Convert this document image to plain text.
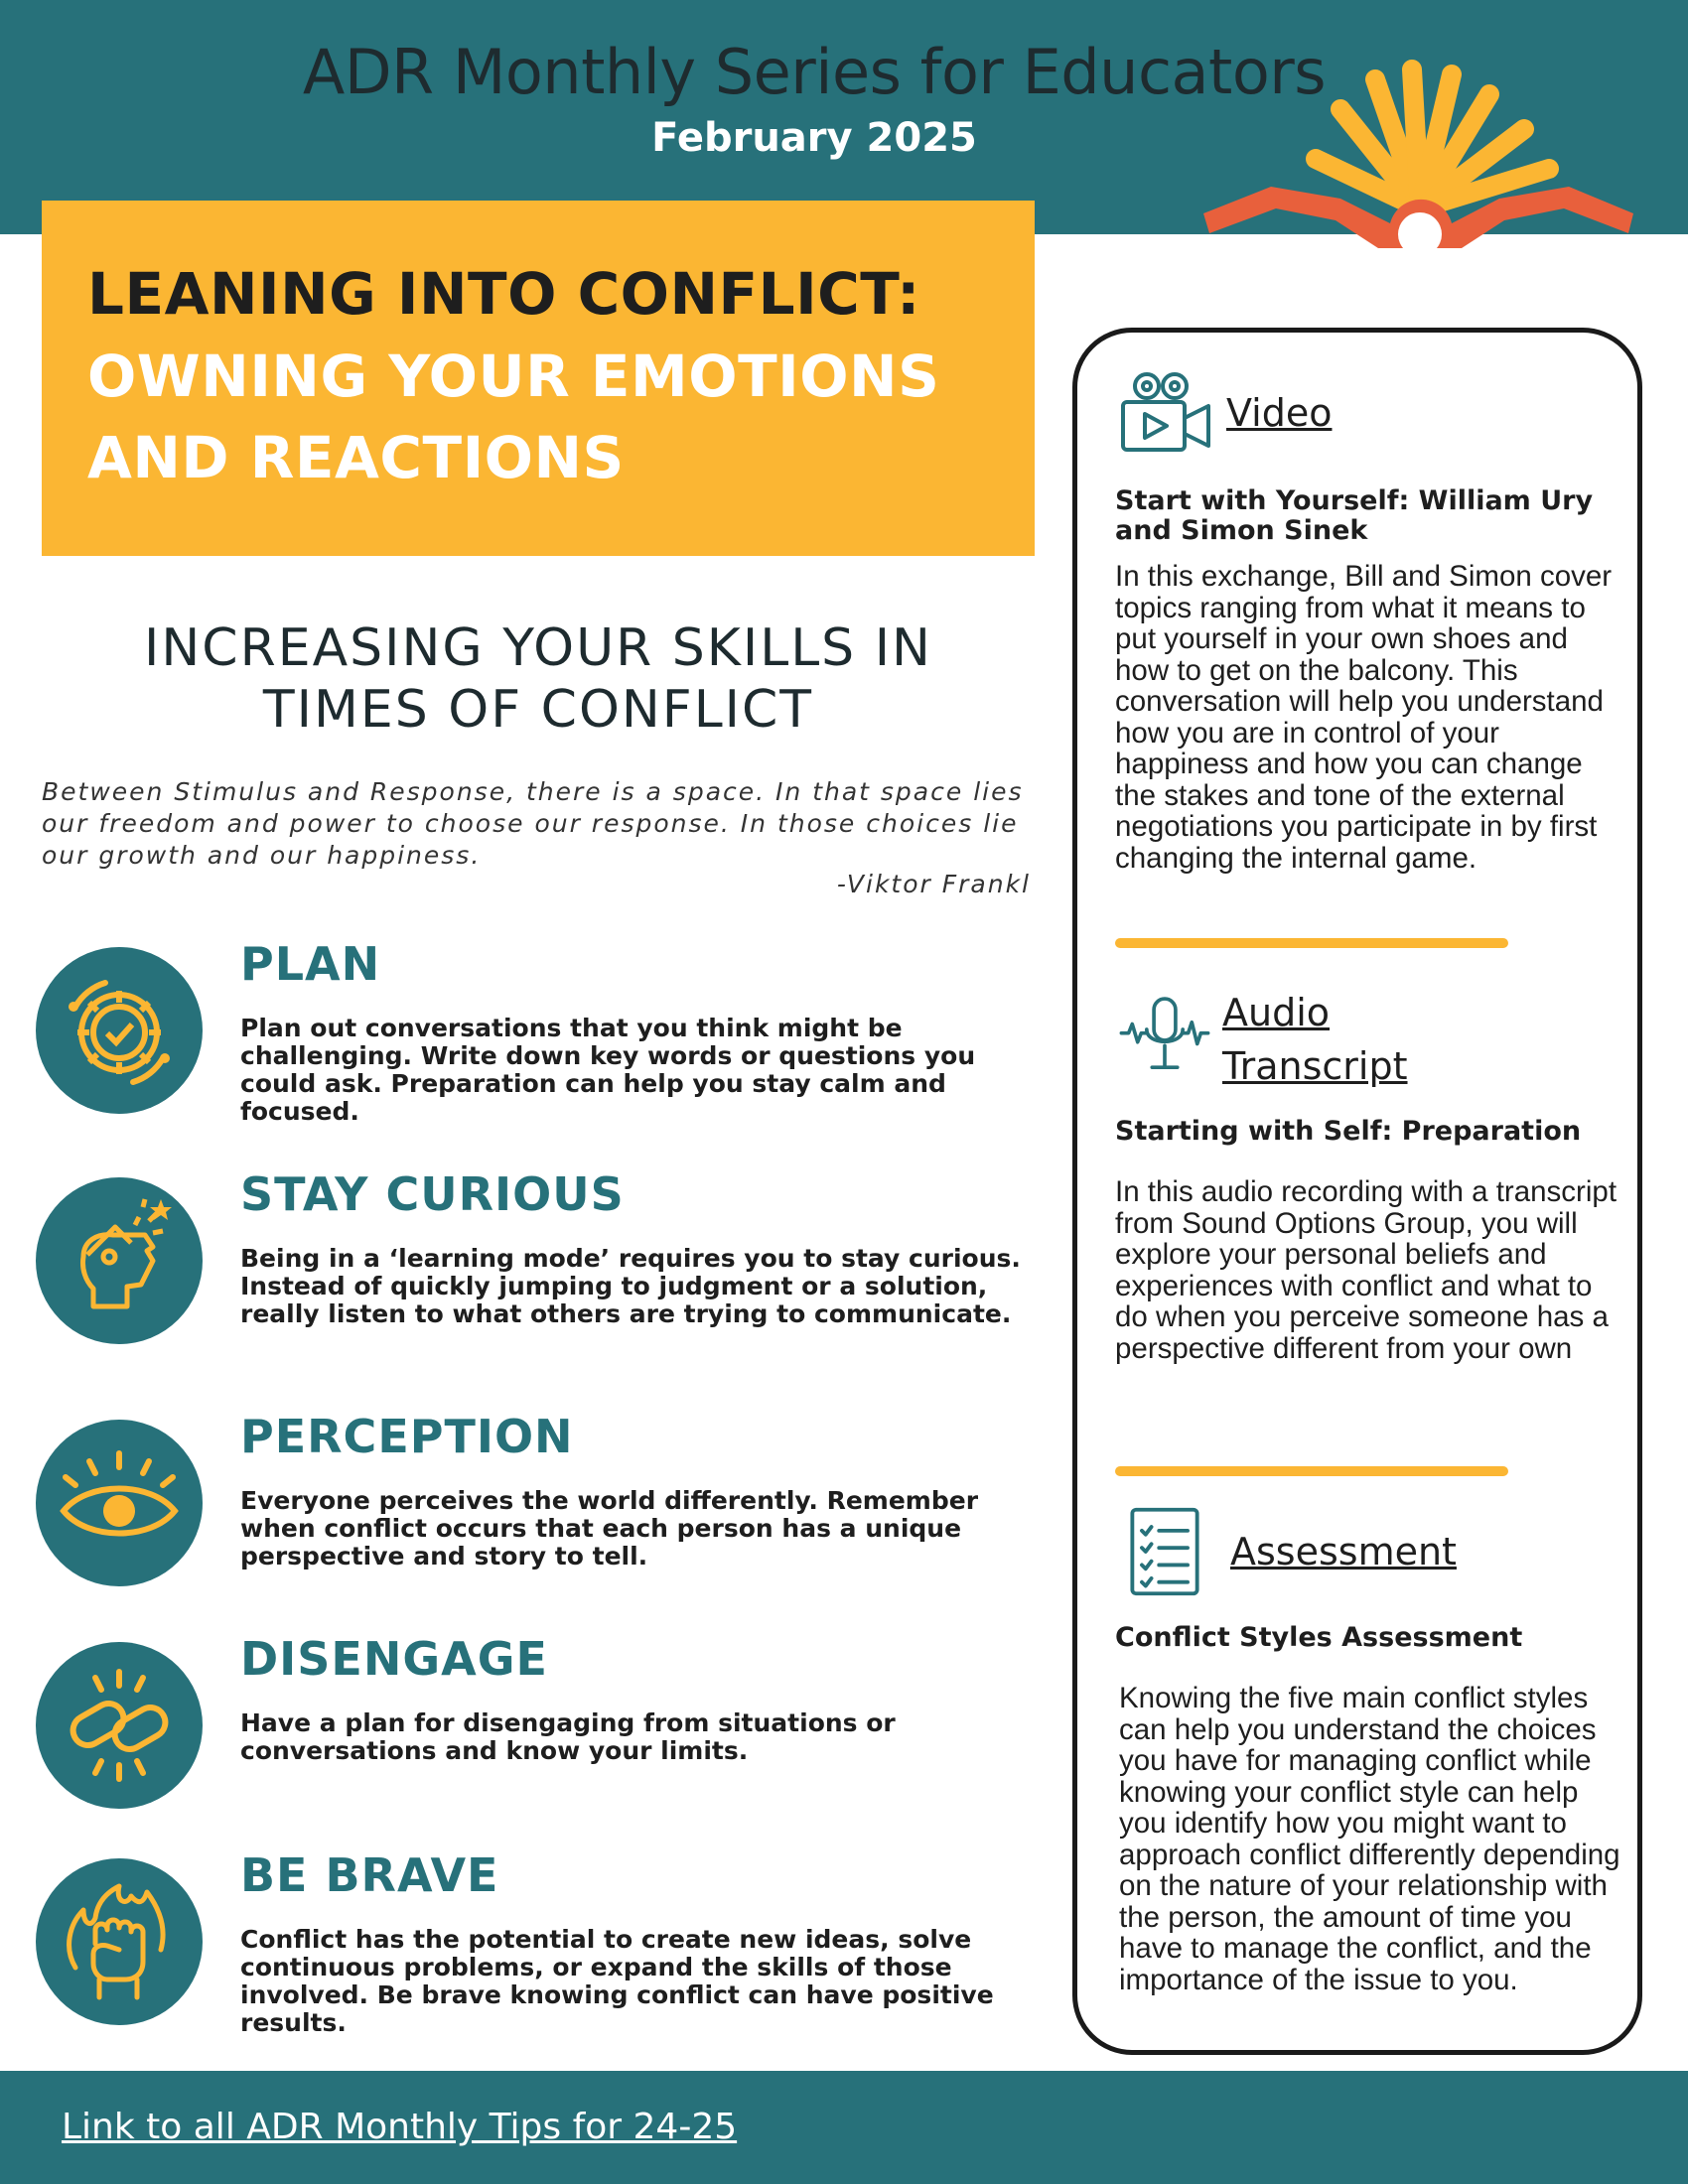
ADR Monthly Series for Educators
February 2025
LEANING INTO CONFLICT:
OWNING YOUR EMOTIONS
AND REACTIONS
INCREASING YOUR SKILLS IN
TIMES OF CONFLICT
Between Stimulus and Response, there is a space. In that space lies our freedom and power to choose our response. In those choices lie our growth and our happiness.
-Viktor Frankl
PLAN
Plan out conversations that you think might be challenging. Write down key words or questions you could ask. Preparation can help you stay calm and focused.
STAY CURIOUS
Being in a ‘learning mode’ requires you to stay curious. Instead of quickly jumping to judgment or a solution, really listen to what others are trying to communicate.
PERCEPTION
Everyone perceives the world differently. Remember when conflict occurs that each person has a unique perspective and story to tell.
DISENGAGE
Have a plan for disengaging from situations or conversations and know your limits.
BE BRAVE
Conflict has the potential to create new ideas, solve continuous problems, or expand the skills of those involved. Be brave knowing conflict can have positive results.
Video
Start with Yourself: William Ury and Simon Sinek
In this exchange, Bill and Simon cover topics ranging from what it means to put yourself in your own shoes and how to get on the balcony. This conversation will help you understand how you are in control of your happiness and how you can change the stakes and tone of the external negotiations you participate in by first changing the internal game.
Audio
Transcript
Starting with Self: Preparation
In this audio recording with a transcript from Sound Options Group, you will explore your personal beliefs and experiences with conflict and what to do when you perceive someone has a perspective different from your own
Assessment
Conflict Styles Assessment
Knowing the five main conflict styles can help you understand the choices you have for managing conflict while knowing your conflict style can help you identify how you might want to approach conflict differently depending on the nature of your relationship with the person, the amount of time you have to manage the conflict, and the importance of the issue to you.
Link to all ADR Monthly Tips for 24-25
